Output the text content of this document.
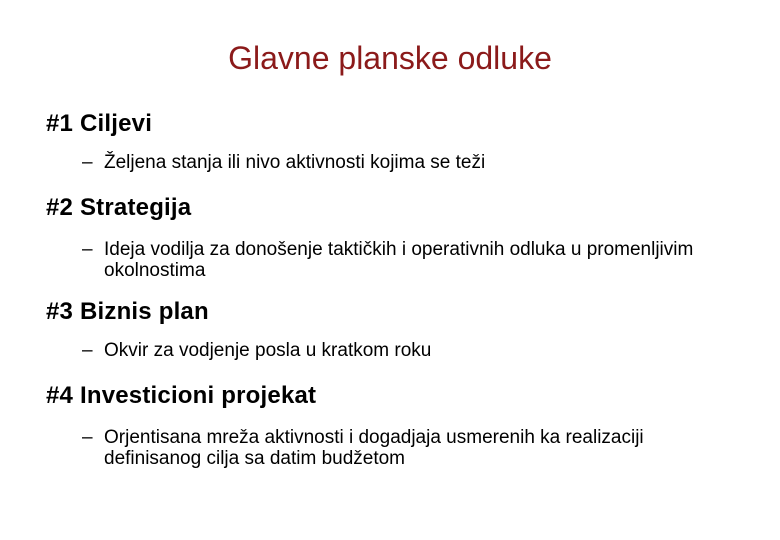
Glavne planske odluke
#1 Ciljevi

– Željena stanja ili nivo aktivnosti kojima se teži

#2 Strategija

– Ideja vodilja za donošenje taktičkih i operativnih odluka u promenljivim okolnostima

#3 Biznis plan

– Okvir za vodjenje posla u kratkom roku

#4 Investicioni projekat

– Orjentisana mreža aktivnosti i dogadjaja usmerenih ka realizaciji definisanog cilja sa datim budžetom
